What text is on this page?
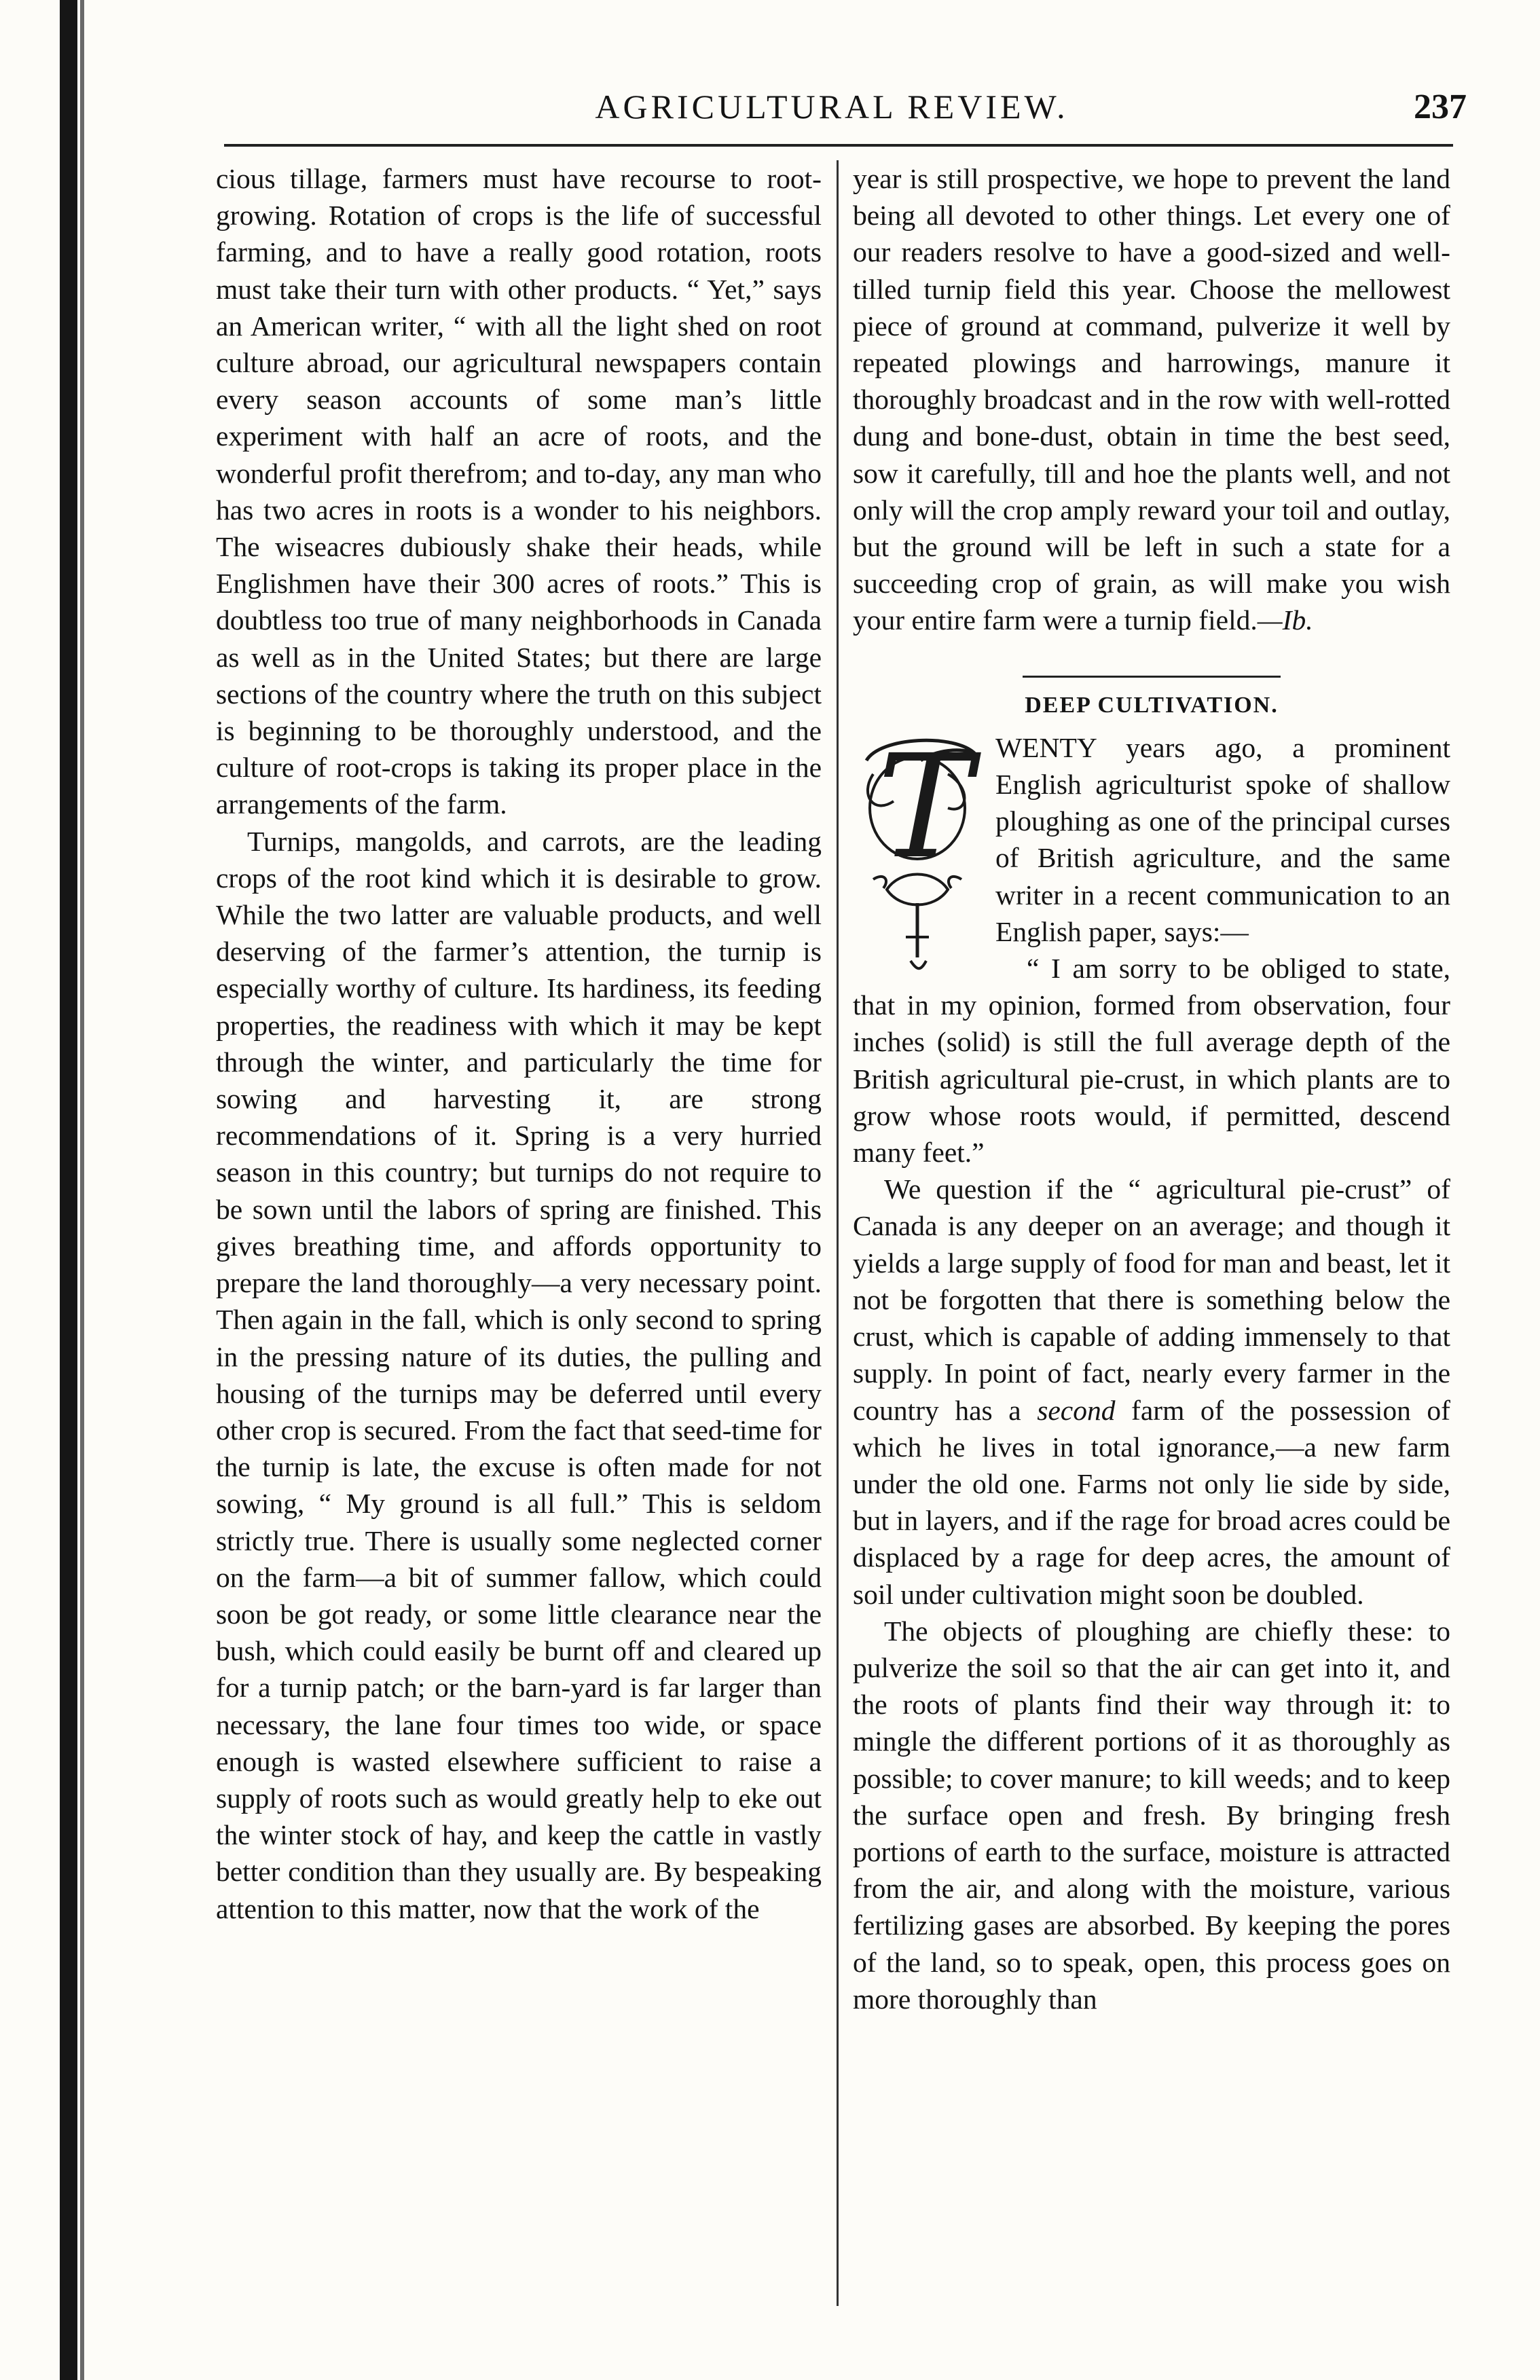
AGRICULTURAL REVIEW.	237

cious tillage, farmers must have recourse to root-growing. Rotation of crops is the life of successful farming, and to have a really good rotation, roots must take their turn with other products. “ Yet,” says an American writer, “ with all the light shed on root culture abroad, our agricultural newspapers contain every season accounts of some man’s little experiment with half an acre of roots, and the wonderful profit therefrom; and to-day, any man who has two acres in roots is a wonder to his neighbors. The wiseacres dubiously shake their heads, while Englishmen have their 300 acres of roots.” This is doubtless too true of many neighborhoods in Canada as well as in the United States; but there are large sections of the country where the truth on this subject is beginning to be thoroughly understood, and the culture of root-crops is taking its proper place in the arrangements of the farm.

Turnips, mangolds, and carrots, are the leading crops of the root kind which it is desirable to grow. While the two latter are valuable products, and well deserving of the farmer’s attention, the turnip is especially worthy of culture. Its hardiness, its feeding properties, the readiness with which it may be kept through the winter, and particularly the time for sowing and harvesting it, are strong recommendations of it. Spring is a very hurried season in this country; but turnips do not require to be sown until the labors of spring are finished. This gives breathing time, and affords opportunity to prepare the land thoroughly—a very necessary point. Then again in the fall, which is only second to spring in the pressing nature of its duties, the pulling and housing of the turnips may be deferred until every other crop is secured. From the fact that seed-time for the turnip is late, the excuse is often made for not sowing, “ My ground is all full.” This is seldom strictly true. There is usually some neglected corner on the farm—a bit of summer fallow, which could soon be got ready, or some little clearance near the bush, which could easily be burnt off and cleared up for a turnip patch; or the barn-yard is far larger than necessary, the lane four times too wide, or space enough is wasted elsewhere sufficient to raise a supply of roots such as would greatly help to eke out the winter stock of hay, and keep the cattle in vastly better condition than they usually are. By bespeaking attention to this matter, now that the work of the

year is still prospective, we hope to prevent the land being all devoted to other things. Let every one of our readers resolve to have a good-sized and well-tilled turnip field this year. Choose the mellowest piece of ground at command, pulverize it well by repeated plowings and harrowings, manure it thoroughly broadcast and in the row with well-rotted dung and bone-dust, obtain in time the best seed, sow it carefully, till and hoe the plants well, and not only will the crop amply reward your toil and outlay, but the ground will be left in such a state for a succeeding crop of grain, as will make you wish your entire farm were a turnip field.—Ib.

DEEP CULTIVATION.
T WENTY years ago, a prominent English agriculturist spoke of shallow ploughing as one of the principal curses of British agriculture, and the same writer in a recent communication to an English paper, says:—

“ I am sorry to be obliged to state, that in my opinion, formed from observation, four inches (solid) is still the full average depth of the British agricultural pie-crust, in which plants are to grow whose roots would, if permitted, descend many feet.”

We question if the “ agricultural pie-crust” of Canada is any deeper on an average; and though it yields a large supply of food for man and beast, let it not be forgotten that there is something below the crust, which is capable of adding immensely to that supply. In point of fact, nearly every farmer in the country has a second farm of the possession of which he lives in total ignorance,—a new farm under the old one. Farms not only lie side by side, but in layers, and if the rage for broad acres could be displaced by a rage for deep acres, the amount of soil under cultivation might soon be doubled.

The objects of ploughing are chiefly these: to pulverize the soil so that the air can get into it, and the roots of plants find their way through it: to mingle the different portions of it as thoroughly as possible; to cover manure; to kill weeds; and to keep the surface open and fresh. By bringing fresh portions of earth to the surface, moisture is attracted from the air, and along with the moisture, various fertilizing gases are absorbed. By keeping the pores of the land, so to speak, open, this process goes on more thoroughly than
